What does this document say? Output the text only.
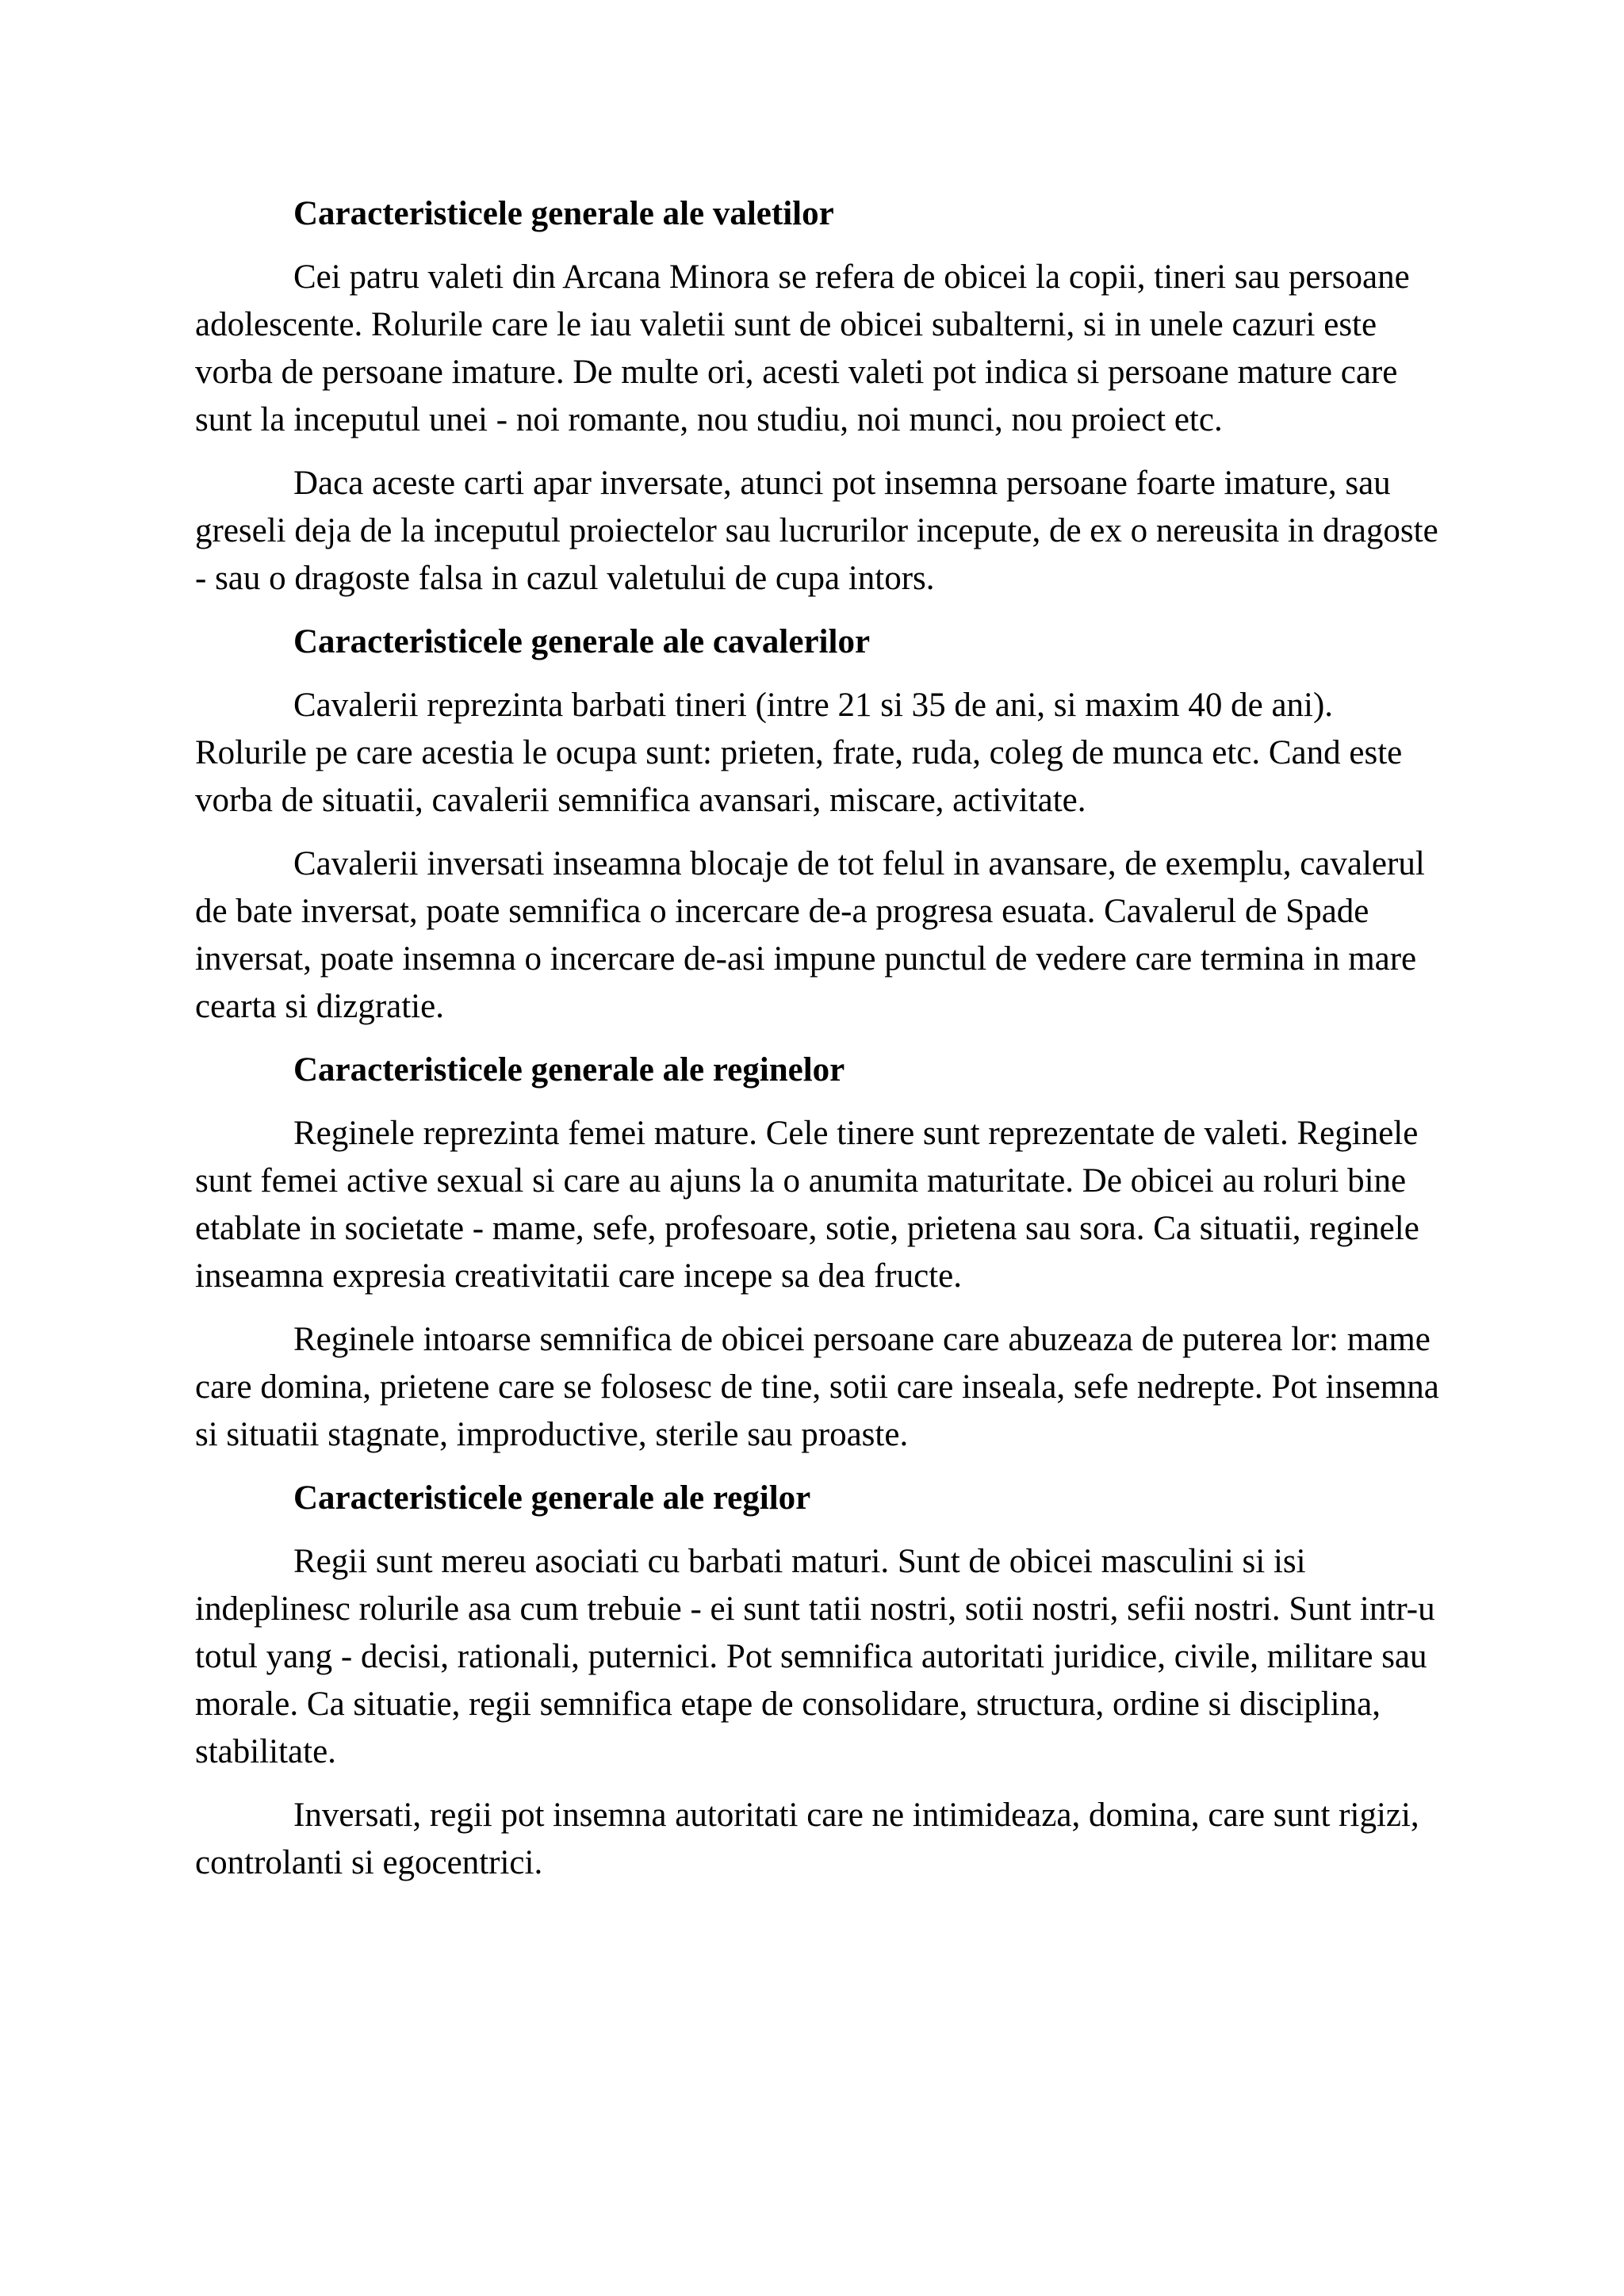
Caracteristicele generale ale valetilor

Cei patru valeti din Arcana Minora se refera de obicei la copii, tineri sau persoane adolescente. Rolurile care le iau valetii sunt de obicei subalterni, si in unele cazuri este vorba de persoane imature. De multe ori, acesti valeti pot indica si persoane mature care sunt la inceputul unei - noi romante, nou studiu, noi munci, nou proiect etc.

Daca aceste carti apar inversate, atunci pot insemna persoane foarte imature, sau greseli deja de la inceputul proiectelor sau lucrurilor incepute, de ex o nereusita in dragoste - sau o dragoste falsa in cazul valetului de cupa intors.

Caracteristicele generale ale cavalerilor

Cavalerii reprezinta barbati tineri (intre 21 si 35 de ani, si maxim 40 de ani). Rolurile pe care acestia le ocupa sunt: prieten, frate, ruda, coleg de munca etc. Cand este vorba de situatii, cavalerii semnifica avansari, miscare, activitate.

Cavalerii inversati inseamna blocaje de tot felul in avansare, de exemplu, cavalerul de bate inversat, poate semnifica o incercare de-a progresa esuata. Cavalerul de Spade inversat, poate insemna o incercare de-asi impune punctul de vedere care termina in mare cearta si dizgratie.

Caracteristicele generale ale reginelor

Reginele reprezinta femei mature. Cele tinere sunt reprezentate de valeti. Reginele sunt femei active sexual si care au ajuns la o anumita maturitate. De obicei au roluri bine etablate in societate - mame, sefe, profesoare, sotie, prietena sau sora. Ca situatii, reginele inseamna expresia creativitatii care incepe sa dea fructe.

Reginele intoarse semnifica de obicei persoane care abuzeaza de puterea lor: mame care domina, prietene care se folosesc de tine, sotii care inseala, sefe nedrepte. Pot insemna si situatii stagnate, improductive, sterile sau proaste.

Caracteristicele generale ale regilor

Regii sunt mereu asociati cu barbati maturi. Sunt de obicei masculini si isi indeplinesc rolurile asa cum trebuie - ei sunt tatii nostri, sotii nostri, sefii nostri. Sunt intr-u totul yang - decisi, rationali, puternici. Pot semnifica autoritati juridice, civile, militare sau morale. Ca situatie, regii semnifica etape de consolidare, structura, ordine si disciplina, stabilitate.

Inversati, regii pot insemna autoritati care ne intimideaza, domina, care sunt rigizi, controlanti si egocentrici.
